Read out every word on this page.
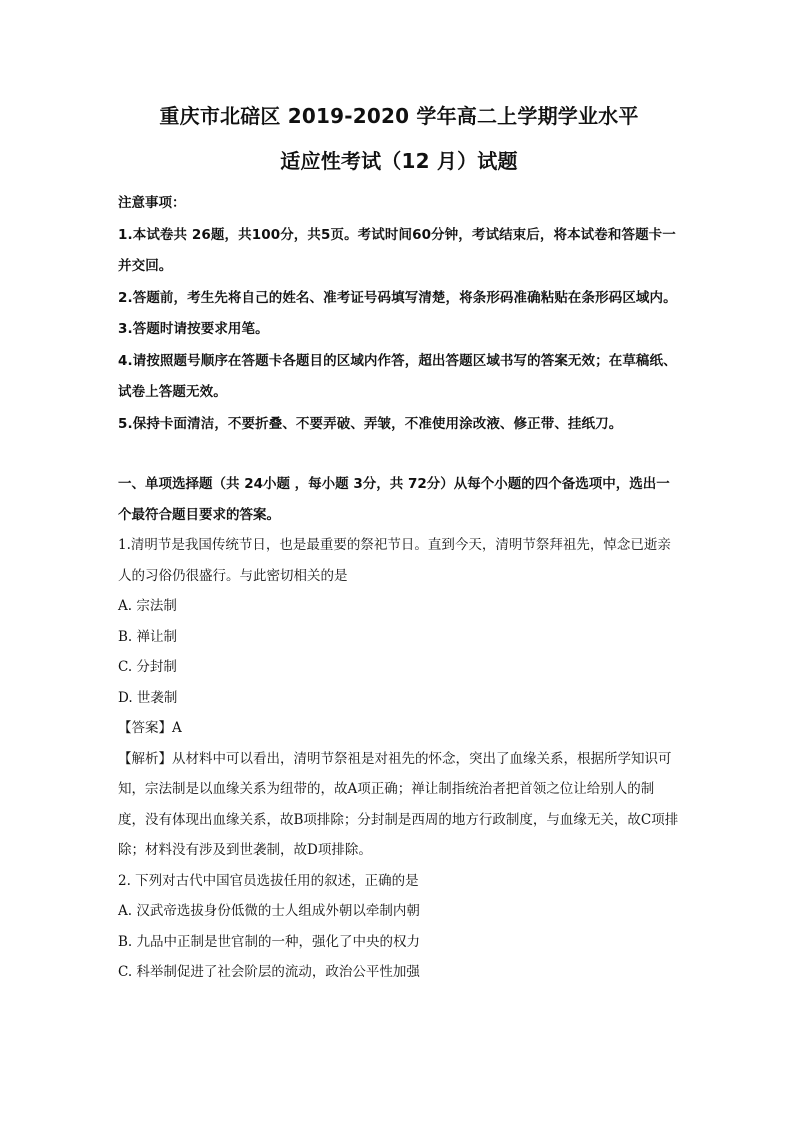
重庆市北碚区 2019-2020 学年高二上学期学业水平
适应性考试（12 月）试题
注意事项：
1.本试卷共 26题，共100分，共5页。考试时间60分钟，考试结束后，将本试卷和答题卡一并交回。
2.答题前，考生先将自己的姓名、准考证号码填写清楚，将条形码准确粘贴在条形码区域内。
3.答题时请按要求用笔。
4.请按照题号顺序在答题卡各题目的区域内作答，超出答题区域书写的答案无效；在草稿纸、试卷上答题无效。
5.保持卡面清洁，不要折叠、不要弄破、弄皱，不准使用涂改液、修正带、挂纸刀。
一、单项选择题（共 24小题 ，每小题 3分，共 72分）从每个小题的四个备选项中，选出一个最符合题目要求的答案。
1.清明节是我国传统节日，也是最重要的祭祀节日。直到今天，清明节祭拜祖先，悼念已逝亲人的习俗仍很盛行。与此密切相关的是
A. 宗法制
B. 禅让制
C. 分封制
D. 世袭制
【答案】A
【解析】从材料中可以看出，清明节祭祖是对祖先的怀念，突出了血缘关系，根据所学知识可知，宗法制是以血缘关系为纽带的，故A项正确；禅让制指统治者把首领之位让给别人的制度，没有体现出血缘关系，故B项排除；分封制是西周的地方行政制度，与血缘无关，故C项排除；材料没有涉及到世袭制，故D项排除。
2. 下列对古代中国官员选拔任用的叙述，正确的是
A. 汉武帝选拔身份低微的士人组成外朝以牵制内朝
B. 九品中正制是世官制的一种，强化了中央的权力
C. 科举制促进了社会阶层的流动，政治公平性加强
